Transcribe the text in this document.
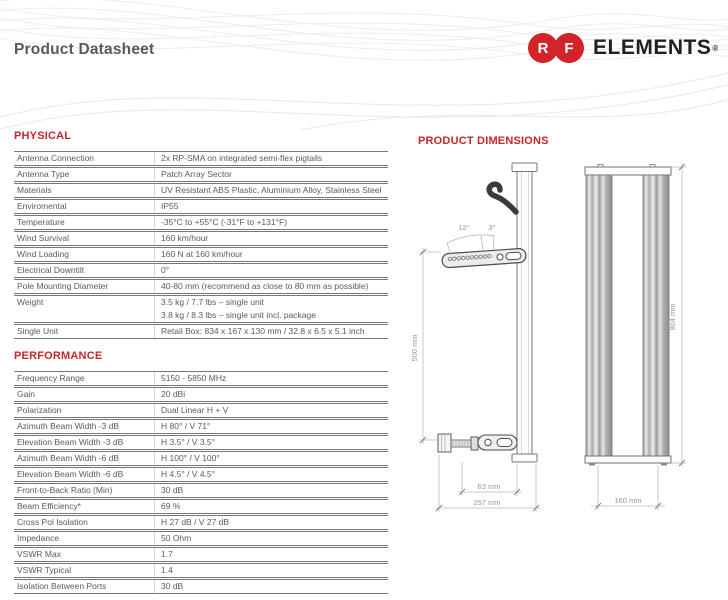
Product Datasheet	R	F ELEMENTS ®
PHYSICAL
Antenna Connection	2x RP-SMA on integrated semi-flex pigtails
Antenna Type	Patch Array Sector
Materials	UV Resistant ABS Plastic, Aluminium Alloy, Stainless Steel
Enviromental	IP55
Temperature	-35°C to +55°C (-31°F to +131°F)
Wind Survival	160 km/hour
Wind Loading	160 N at 160 km/hour
Electrical Downtilt	0°
Pole Mounting Diameter	40-80 mm (recommend as close to 80 mm as possible)
Weight	3.5 kg / 7.7 lbs – single unit
3.8 kg / 8.3 lbs – single unit incl. package
Single Unit	Retail Box: 834 x 167 x 130 mm / 32.8 x 6.5 x 5.1 inch
PERFORMANCE
Frequency Range	5150 - 5850 MHz
Gain	20 dBi
Polarization	Dual Linear H + V
Azimuth Beam Width -3 dB	H 80° / V 71°
Elevation Beam Width -3 dB	H 3.5° / V 3.5°
Azimuth Beam Width -6 dB	H 100° / V 100°
Elevation Beam Width -6 dB	H 4.5° / V 4.5°
Front-to-Back Ratio (Min)	30 dB
Beam Efficiency*	69 %
Cross Pol Isolation	H 27 dB / V 27 dB
Impedance	50 Ohm
VSWR Max	1.7
VSWR Typical	1.4
Isolation Between Ports	30 dB
PRODUCT DIMENSIONS
12° 3°
500 mm
63 mm
257 mm
804 mm
160 mm
